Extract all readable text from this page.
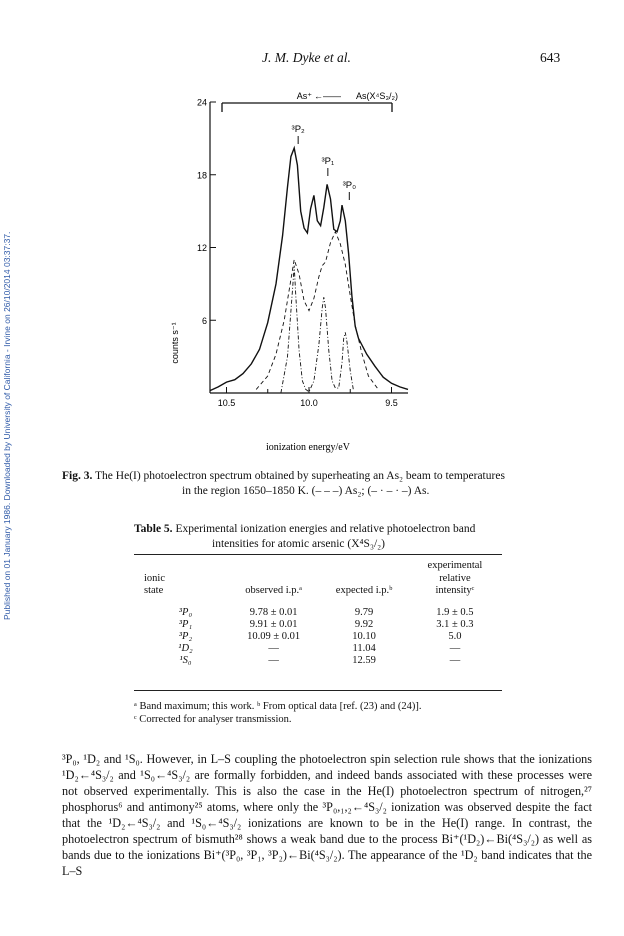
Published on 01 January 1986. Downloaded by University of California - Irvine on 26/10/2014 03:37:37.
J. M. Dyke et al.	643
counts s⁻¹
ionization energy/eV
24
18
12
6
10.5	10.0	9.5
As⁺ ←—— As(X⁴S₃/₂)
³P₂
³P₁
³P₀
Fig. 3. The He(I) photoelectron spectrum obtained by superheating an As₂ beam to temperatures
in the region 1650–1850 K. (– – –) As₂; (– · – · –) As.
Table 5. Experimental ionization energies and relative photoelectron band
intensities for atomic arsenic (X⁴S₃/₂)
ionic
state	observed i.p.ᵃ	expected i.p.ᵇ	experimental
relative
intensityᶜ
³P₀	9.78 ± 0.01	9.79	1.9 ± 0.5
³P₁	9.91 ± 0.01	9.92	3.1 ± 0.3
³P₂	10.09 ± 0.01	10.10	5.0
¹D₂	—	11.04	—
¹S₀	—	12.59	—
ᵃ Band maximum; this work. ᵇ From optical data [ref. (23) and (24)].
ᶜ Corrected for analyser transmission.

³P₀, ¹D₂ and ¹S₀. However, in L–S coupling the photoelectron spin selection rule shows that the ionizations ¹D₂←⁴S₃/₂ and ¹S₀←⁴S₃/₂ are formally forbidden, and indeed bands associated with these processes were not observed experimentally. This is also the case in the He(I) photoelectron spectrum of nitrogen,²⁷ phosphorus⁶ and antimony²⁵ atoms, where only the ³P₀,₁,₂←⁴S₃/₂ ionization was observed despite the fact that the ¹D₂←⁴S₃/₂ and ¹S₀←⁴S₃/₂ ionizations are known to be in the He(I) range. In contrast, the photoelectron spectrum of bismuth²⁸ shows a weak band due to the process Bi⁺(¹D₂)←Bi(⁴S₃/₂) as well as bands due to the ionizations Bi⁺(³P₀, ³P₁, ³P₂)←Bi(⁴S₃/₂). The appearance of the ¹D₂ band indicates that the L–S
